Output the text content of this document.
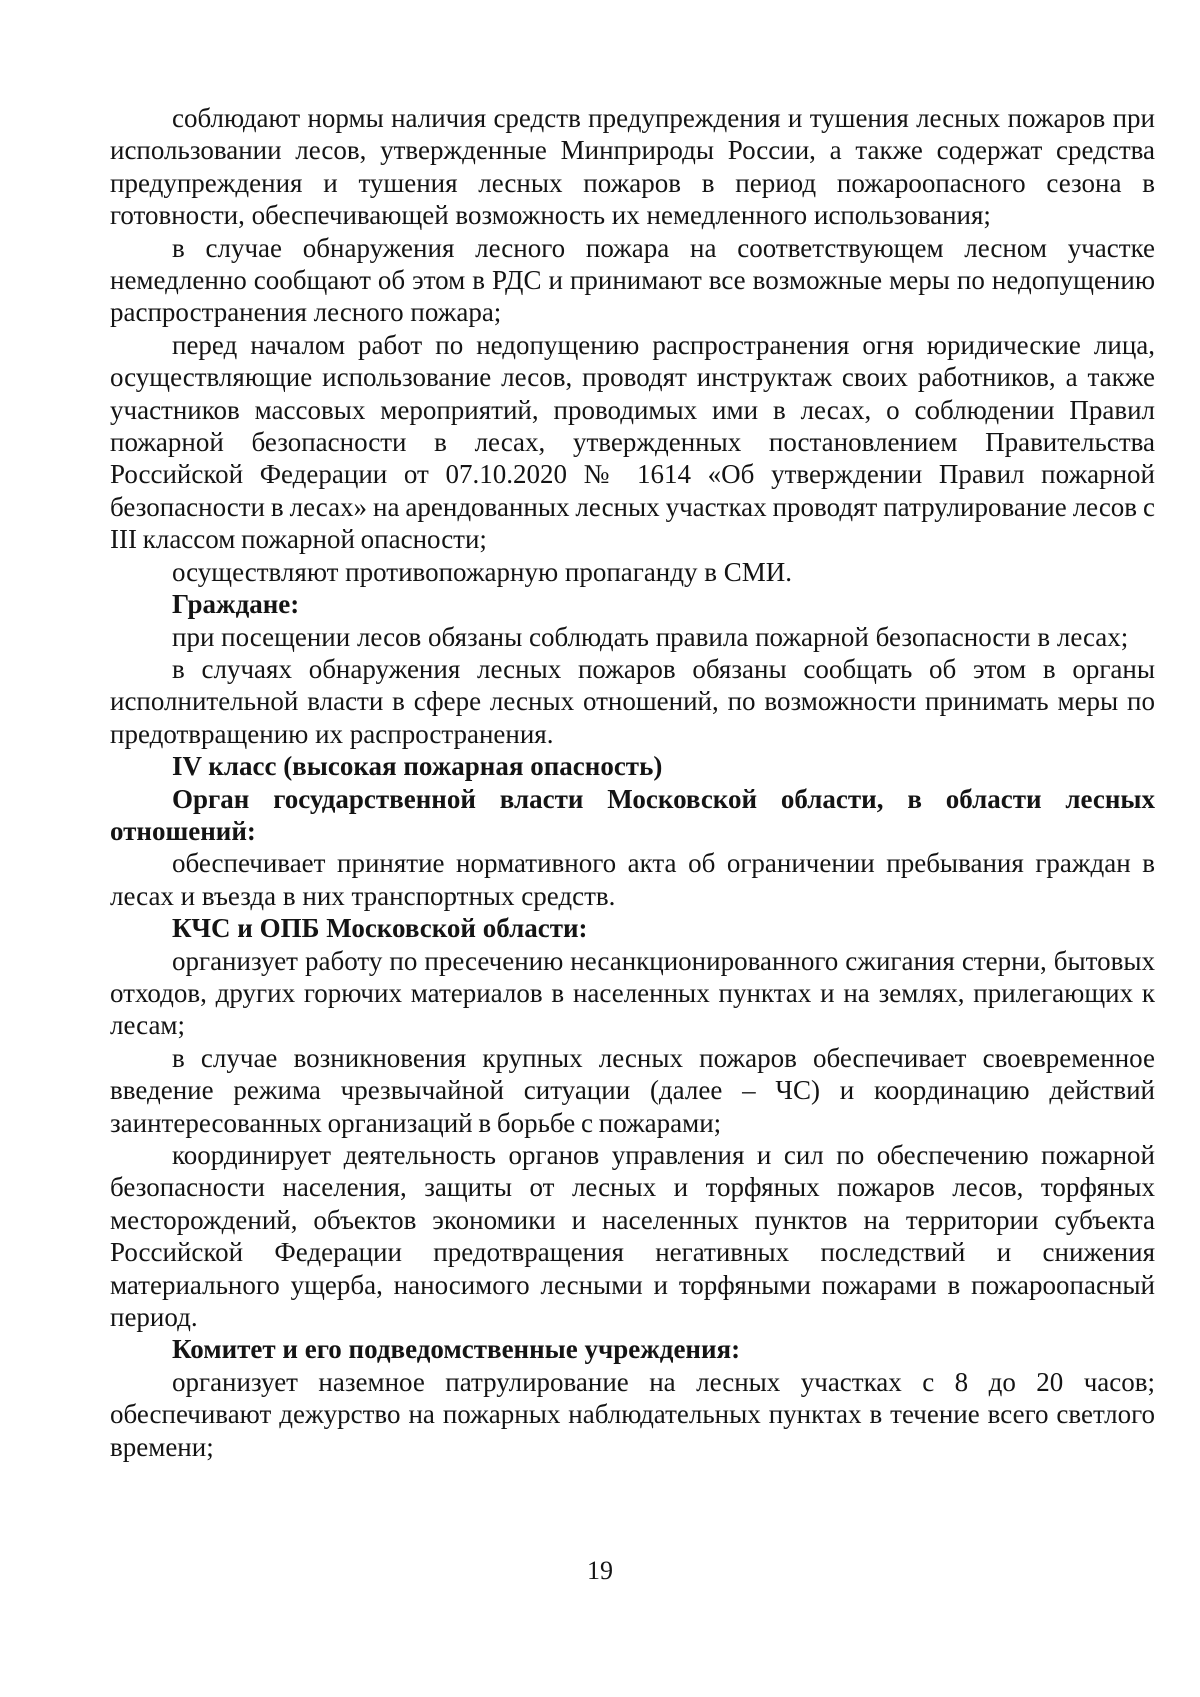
соблюдают нормы наличия средств предупреждения и тушения лесных пожаров при использовании лесов, утвержденные Минприроды России, а также содержат средства предупреждения и тушения лесных пожаров в период пожароопасного сезона в готовности, обеспечивающей возможность их немедленного использования;

в случае обнаружения лесного пожара на соответствующем лесном участке немедленно сообщают об этом в РДС и принимают все возможные меры по недопущению распространения лесного пожара;

перед началом работ по недопущению распространения огня юридические лица, осуществляющие использование лесов, проводят инструктаж своих работников, а также участников массовых мероприятий, проводимых ими в лесах, о соблюдении Правил пожарной безопасности в лесах, утвержденных постановлением Правительства Российской Федерации от 07.10.2020 № 1614 «Об утверждении Правил пожарной безопасности в лесах» на арендованных лесных участках проводят патрулирование лесов с III классом пожарной опасности;

осуществляют противопожарную пропаганду в СМИ.

Граждане:

при посещении лесов обязаны соблюдать правила пожарной безопасности в лесах;

в случаях обнаружения лесных пожаров обязаны сообщать об этом в органы исполнительной власти в сфере лесных отношений, по возможности принимать меры по предотвращению их распространения.

IV класс (высокая пожарная опасность)

Орган государственной власти Московской области, в области лесных отношений:

обеспечивает принятие нормативного акта об ограничении пребывания граждан в лесах и въезда в них транспортных средств.

КЧС и ОПБ Московской области:

организует работу по пресечению несанкционированного сжигания стерни, бытовых отходов, других горючих материалов в населенных пунктах и на землях, прилегающих к лесам;

в случае возникновения крупных лесных пожаров обеспечивает своевременное введение режима чрезвычайной ситуации (далее – ЧС) и координацию действий заинтересованных организаций в борьбе с пожарами;

координирует деятельность органов управления и сил по обеспечению пожарной безопасности населения, защиты от лесных и торфяных пожаров лесов, торфяных месторождений, объектов экономики и населенных пунктов на территории субъекта Российской Федерации предотвращения негативных последствий и снижения материального ущерба, наносимого лесными и торфяными пожарами в пожароопасный период.

Комитет и его подведомственные учреждения:

организует наземное патрулирование на лесных участках с 8 до 20 часов; обеспечивают дежурство на пожарных наблюдательных пунктах в течение всего светлого времени;

19
